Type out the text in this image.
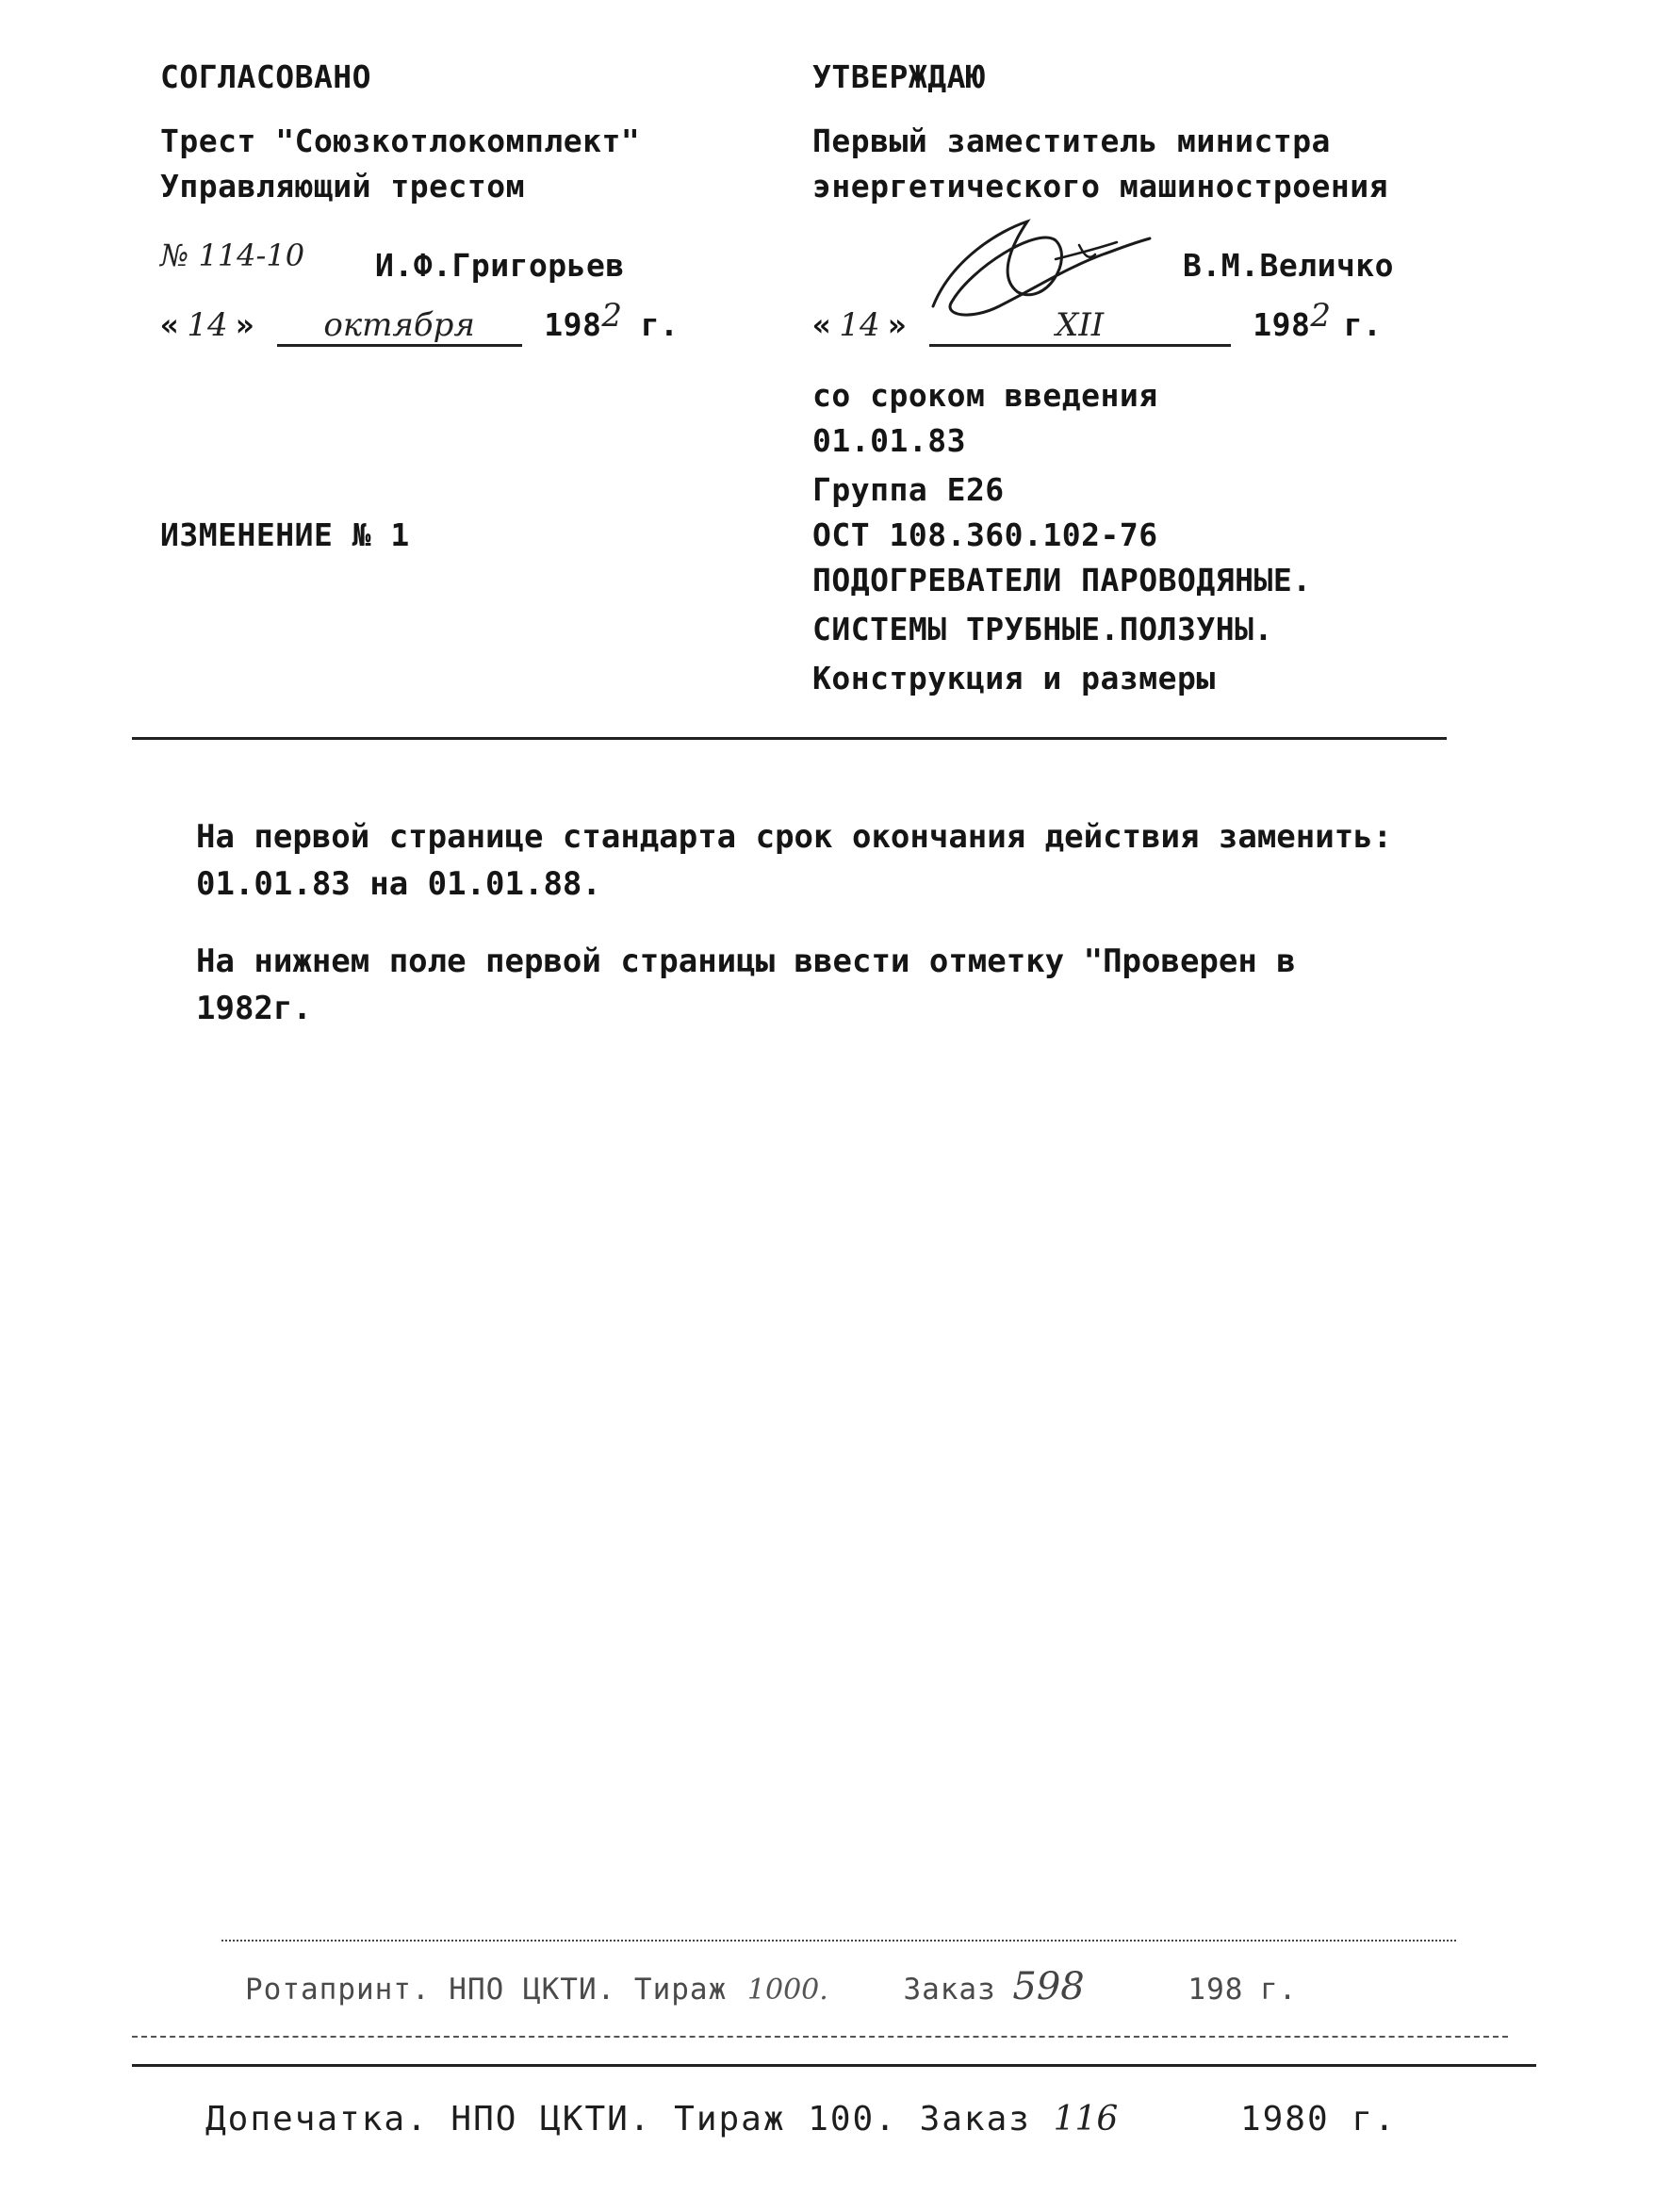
СОГЛАСОВАНО
Трест "Союзкотлокомплект"
Управляющий трестом
№ 114-10 И.Ф.Григорьев
« 14 » октября 1982 г.
ИЗМЕНЕНИЕ № 1
УТВЕРЖДАЮ
Первый заместитель министра
энергетического машиностроения
В.М.Величко
« 14 »	XII	1982 г.
со сроком введения
01.01.83
Группа Е26
ОСТ 108.360.102-76
ПОДОГРЕВАТЕЛИ ПАРОВОДЯНЫЕ.
СИСТЕМЫ ТРУБНЫЕ.ПОЛЗУНЫ.
Конструкция и размеры
На первой странице стандарта срок окончания действия заменить:
01.01.83 на 01.01.88.
На нижнем поле первой страницы ввести отметку "Проверен в
1982г.
Ротапринт. НПО ЦКТИ. Тираж 1000.	Заказ 598	198 г.
Допечатка. НПО ЦКТИ. Тираж 100. Заказ 116	1980 г.
